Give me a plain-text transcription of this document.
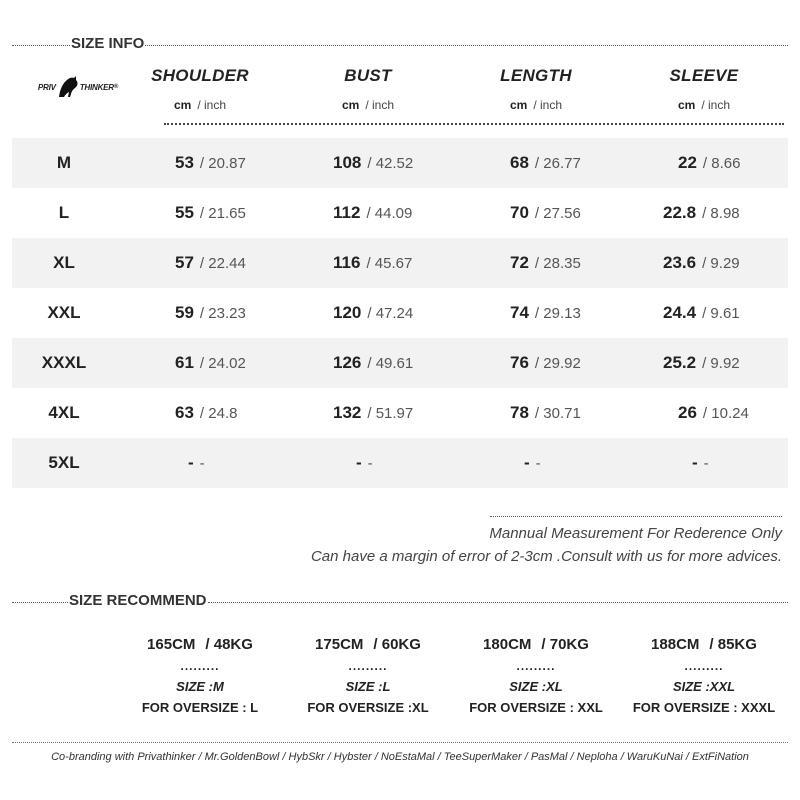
SIZE INFO
PRIV	THINKER ®
SHOULDER
cm / inch
BUST
cm / inch
LENGTH
cm / inch
SLEEVE
cm / inch
M	53 / 20.87	108 / 42.52	68 / 26.77	22 / 8.66
L	55 / 21.65	112 / 44.09	70 / 27.56	22.8 / 8.98
XL	57 / 22.44	116 / 45.67	72 / 28.35	23.6 / 9.29
XXL	59 / 23.23	120 / 47.24	74 / 29.13	24.4 / 9.61
XXXL	61 / 24.02	126 / 49.61	76 / 29.92	25.2 / 9.92
4XL	63 / 24.8	132 / 51.97	78 / 30.71	26 / 10.24
5XL	- -	- -	- -	- -
Mannual Measurement For Rederence Only
Can have a margin of error of 2-3cm .Consult with us for more advices.
SIZE RECOMMEND
165CM / 48KG
.........
SIZE :M
FOR OVERSIZE : L
175CM / 60KG
.........
SIZE :L
FOR OVERSIZE :XL
180CM / 70KG
.........
SIZE :XL
FOR OVERSIZE : XXL
188CM / 85KG
.........
SIZE :XXL
FOR OVERSIZE : XXXL
Co-branding with Privathinker / Mr.GoldenBowl / HybSkr / Hybster / NoEstaMal / TeeSuperMaker / PasMal / Neploha / WaruKuNai / ExtFiNation
